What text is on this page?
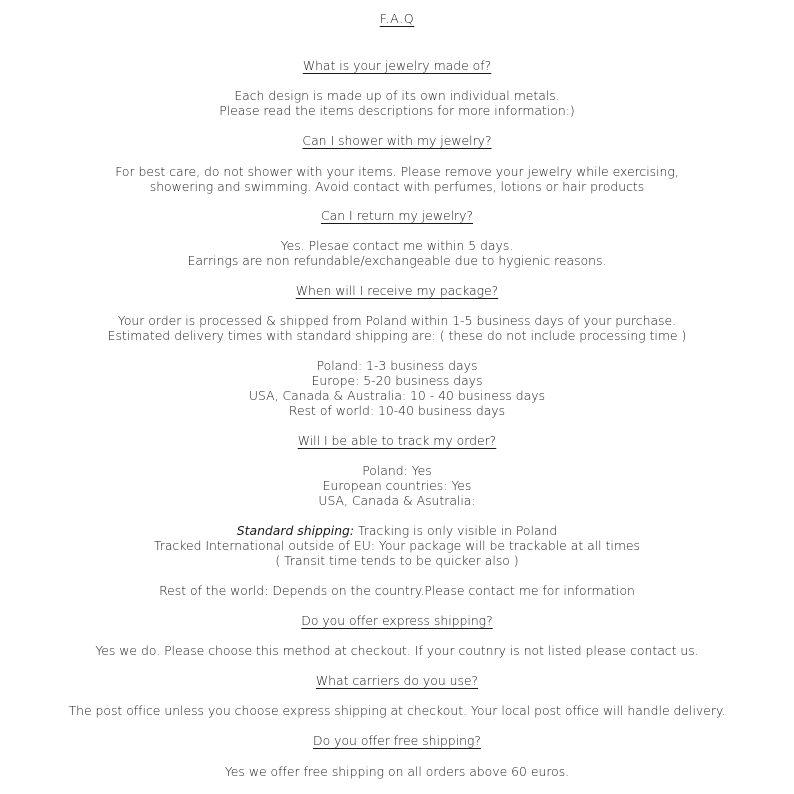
F.A.Q
What is your jewelry made of?
Each design is made up of its own individual metals.
Please read the items descriptions for more information:)
Can I shower with my jewelry?
For best care, do not shower with your items. Please remove your jewelry while exercising,
showering and swimming. Avoid contact with perfumes, lotions or hair products
Can I return my jewelry?
Yes. Plesae contact me within 5 days.
Earrings are non refundable/exchangeable due to hygienic reasons.
When will I receive my package?
Your order is processed & shipped from Poland within 1-5 business days of your purchase.
Estimated delivery times with standard shipping are: ( these do not include processing time )
Poland: 1-3 business days
Europe: 5-20 business days
USA, Canada & Australia: 10 - 40 business days
Rest of world: 10-40 business days
Will I be able to track my order?
Poland: Yes
European countries: Yes
USA, Canada & Asutralia:
Standard shipping: Tracking is only visible in Poland
Tracked International outside of EU: Your package will be trackable at all times
( Transit time tends to be quicker also )
Rest of the world: Depends on the country.Please contact me for information
Do you offer express shipping?
Yes we do. Please choose this method at checkout. If your coutnry is not listed please contact us.
What carriers do you use?
The post office unless you choose express shipping at checkout. Your local post office will handle delivery.
Do you offer free shipping?
Yes we offer free shipping on all orders above 60 euros.
